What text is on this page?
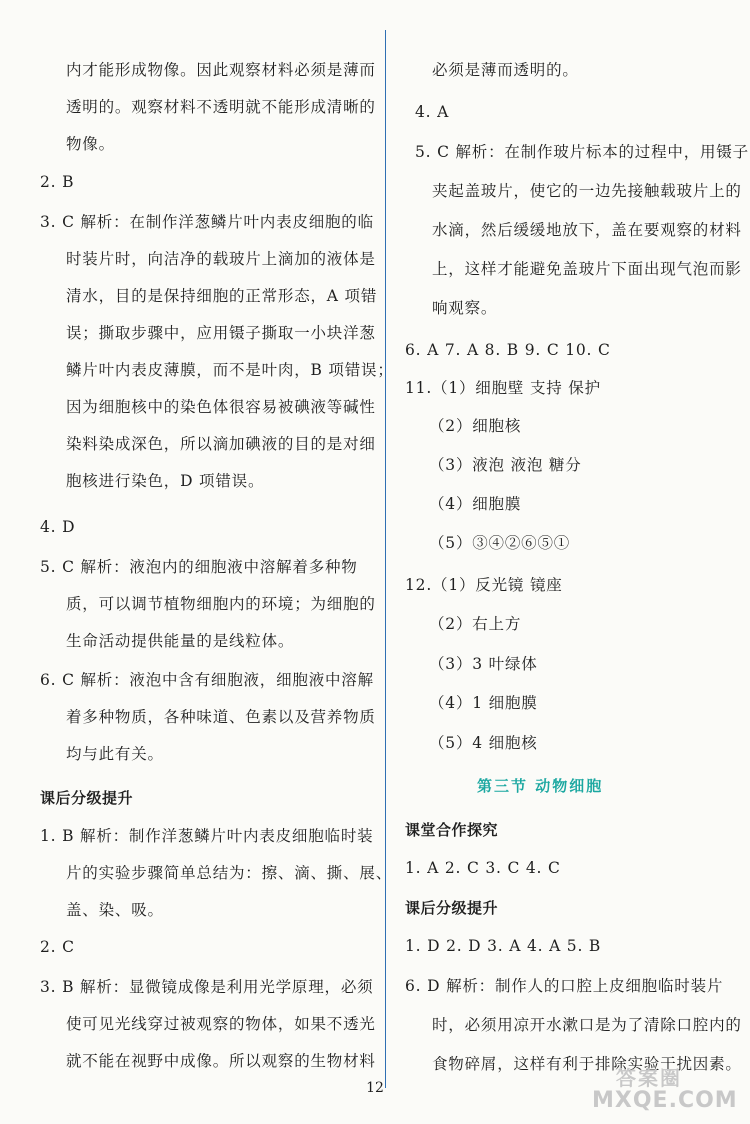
内才能形成物像。因此观察材料必须是薄而
透明的。观察材料不透明就不能形成清晰的
物像。
2. B
3. C 解析：在制作洋葱鳞片叶内表皮细胞的临
时装片时，向洁净的载玻片上滴加的液体是
清水，目的是保持细胞的正常形态，A 项错
误；撕取步骤中，应用镊子撕取一小块洋葱
鳞片叶内表皮薄膜，而不是叶肉，B 项错误；
因为细胞核中的染色体很容易被碘液等碱性
染料染成深色，所以滴加碘液的目的是对细
胞核进行染色，D 项错误。
4. D
5. C 解析：液泡内的细胞液中溶解着多种物
质，可以调节植物细胞内的环境；为细胞的
生命活动提供能量的是线粒体。
6. C 解析：液泡中含有细胞液，细胞液中溶解
着多种物质，各种味道、色素以及营养物质
均与此有关。
课后分级提升
1. B 解析：制作洋葱鳞片叶内表皮细胞临时装
片的实验步骤简单总结为：擦、滴、撕、展、
盖、染、吸。
2. C
3. B 解析：显微镜成像是利用光学原理，必须
使可见光线穿过被观察的物体，如果不透光
就不能在视野中成像。所以观察的生物材料
必须是薄而透明的。
4. A
5. C 解析：在制作玻片标本的过程中，用镊子
夹起盖玻片，使它的一边先接触载玻片上的
水滴，然后缓缓地放下，盖在要观察的材料
上，这样才能避免盖玻片下面出现气泡而影
响观察。
6. A 7. A 8. B 9. C 10. C
11.（1）细胞壁 支持 保护
（2）细胞核
（3）液泡 液泡 糖分
（4）细胞膜
（5）③④②⑥⑤①
12.（1）反光镜 镜座
（2）右上方
（3）3 叶绿体
（4）1 细胞膜
（5）4 细胞核
课堂合作探究
1. A 2. C 3. C 4. C
课后分级提升
1. D 2. D 3. A 4. A 5. B
6. D 解析：制作人的口腔上皮细胞临时装片
时，必须用凉开水漱口是为了清除口腔内的
食物碎屑，这样有利于排除实验干扰因素。
第三节 动物细胞
12	答案圈
MXQE.COM
